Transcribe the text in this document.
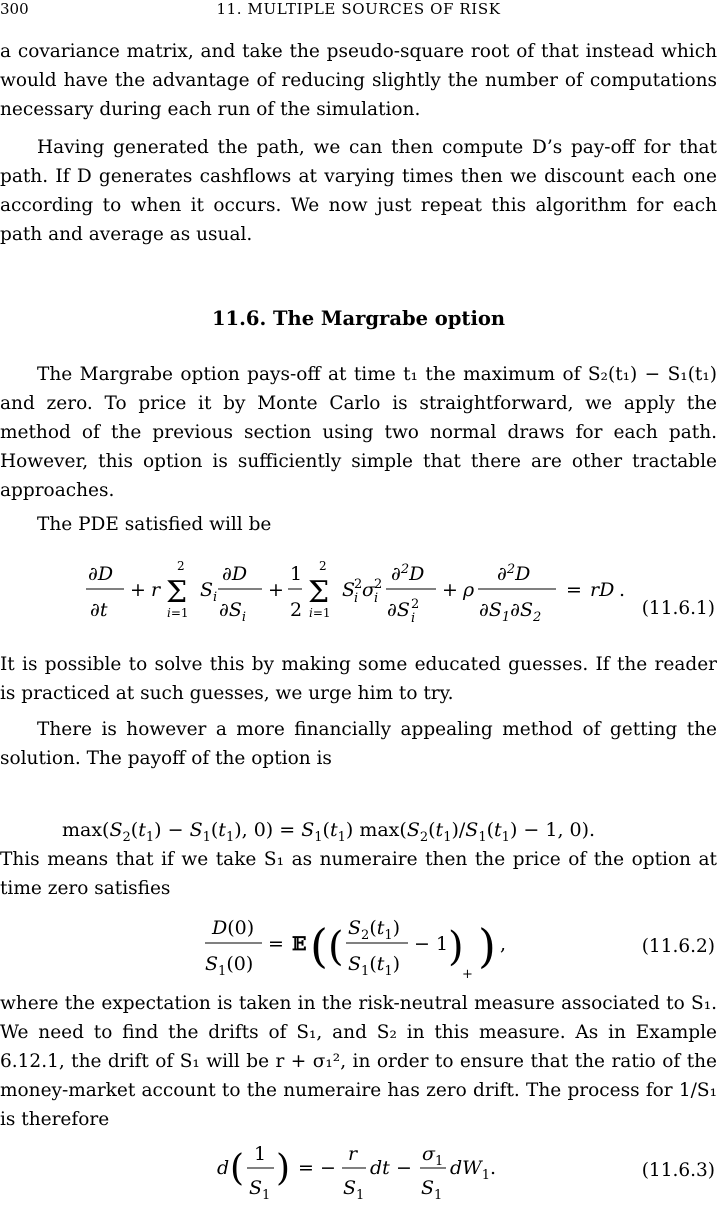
300	11. MULTIPLE SOURCES OF RISK

a covariance matrix, and take the pseudo-square root of that instead which would have the advantage of reducing slightly the number of computations necessary during each run of the simulation.

Having generated the path, we can then compute D’s pay-off for that path. If D generates cashflows at varying times then we discount each one according to when it occurs. We now just repeat this algorithm for each path and average as usual.

11.6. The Margrabe option

The Margrabe option pays-off at time t₁ the maximum of S₂(t₁) − S₁(t₁) and zero. To price it by Monte Carlo is straightforward, we apply the method of the previous section using two normal draws for each path. However, this option is sufficiently simple that there are other tractable approaches.

The PDE satisfied will be

∂D
∂t
+ r Σ
2
i=1
$S_i$
∂D
$\partial S_i$
+
1
2 Σ
2
i=1
S
2
i σ 2
i
∂$^2$D
∂S 2
i
+ ρ
∂$^2$D
$\partial S_1\partial S_2$
= rD .
(11.6.1)

It is possible to solve this by making some educated guesses. If the reader is practiced at such guesses, we urge him to try.

There is however a more financially appealing method of getting the solution. The payoff of the option is

$\max(S_2(t_1) - S_1(t_1)$, $0) = S_1(t_1) \max(S_2(t_1)/S_1(t_1) - 1$, 0).

This means that if we take S₁ as numeraire then the price of the option at time zero satisfies

D(0)
$S_1(0)$
= 𝔼 ( ( $S_2(t_1)$
$S_1(t_1)$
− 1 )
+
) ,	(11.6.2)

where the expectation is taken in the risk-neutral measure associated to S₁. We need to find the drifts of S₁, and S₂ in this measure. As in Example 6.12.1, the drift of S₁ will be r + σ₁², in order to ensure that the ratio of the money-market account to the numeraire has zero drift. The process for 1/S₁ is therefore

d ( 1
$S_1$
) = −
r
$S_1$
dt −
$\sigma_1$
$S_1$
$dW_1$.	(11.6.3)
